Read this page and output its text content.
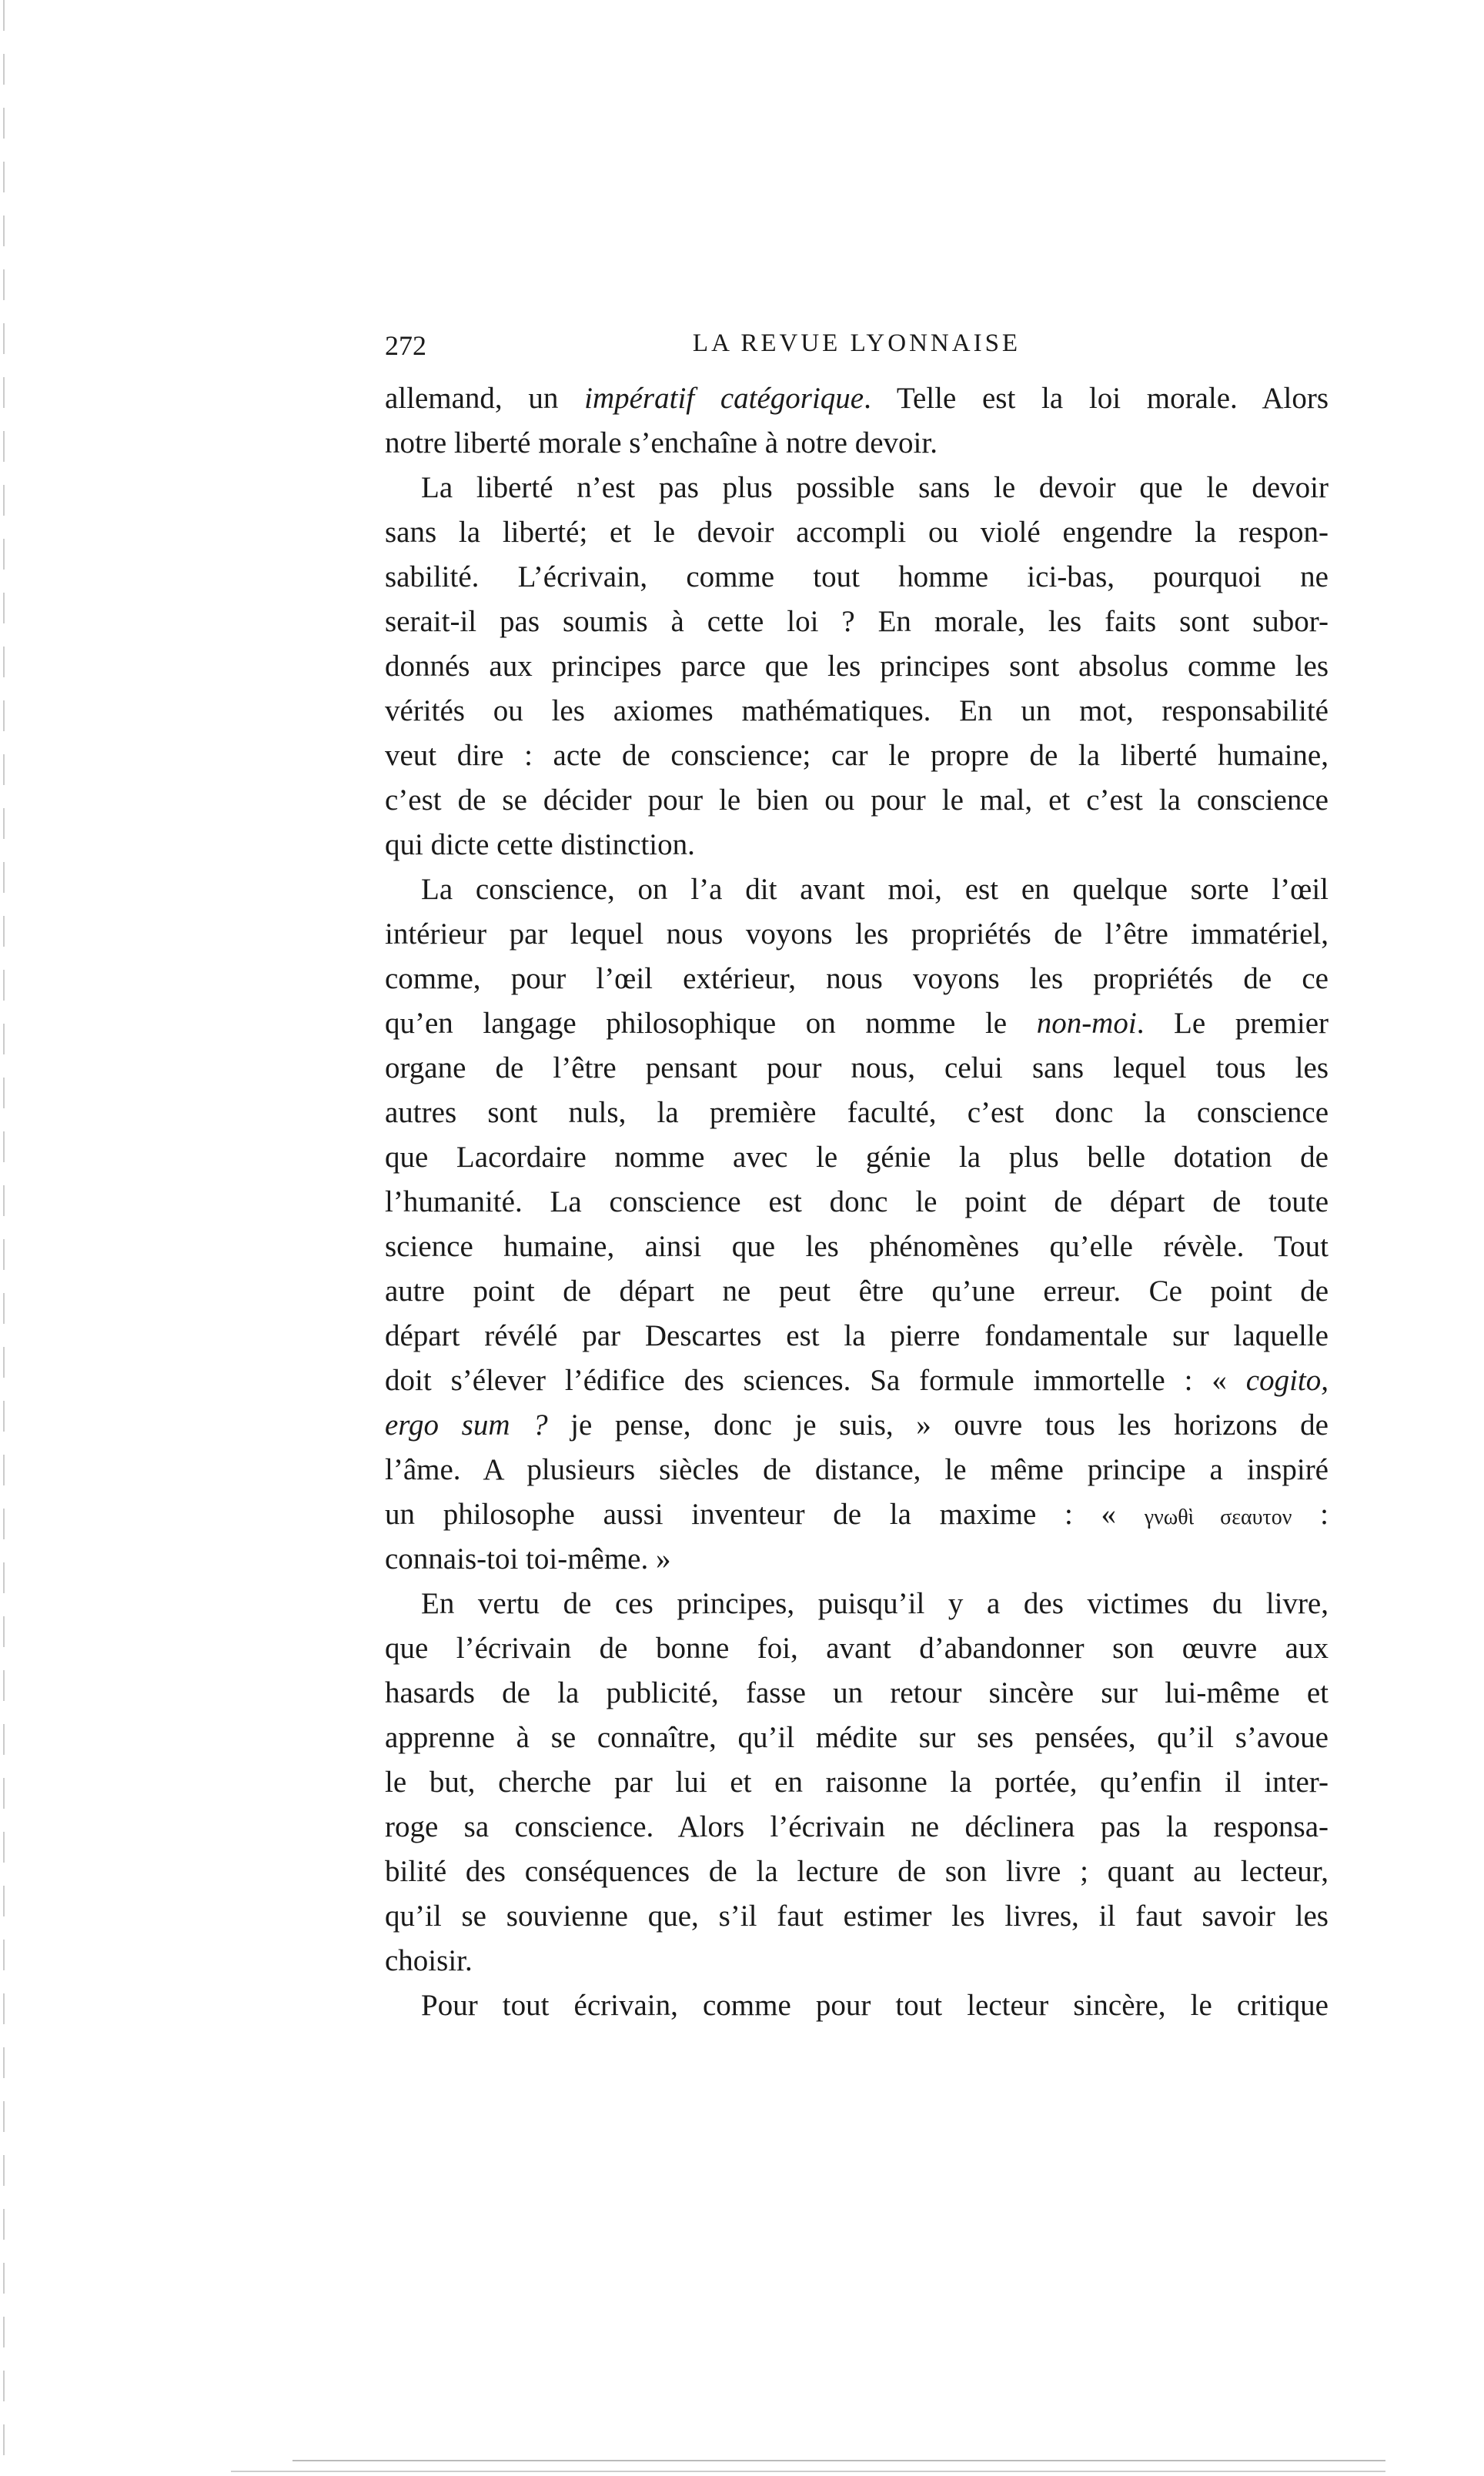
272	LA REVUE LYONNAISE
allemand, un impératif catégorique. Telle est la loi morale. Alors
notre liberté morale s’enchaîne à notre devoir.
La liberté n’est pas plus possible sans le devoir que le devoir
sans la liberté; et le devoir accompli ou violé engendre la respon-
sabilité. L’écrivain, comme tout homme ici-bas, pourquoi ne
serait-il pas soumis à cette loi ? En morale, les faits sont subor-
donnés aux principes parce que les principes sont absolus comme les
vérités ou les axiomes mathématiques. En un mot, responsabilité
veut dire : acte de conscience; car le propre de la liberté humaine,
c’est de se décider pour le bien ou pour le mal, et c’est la conscience
qui dicte cette distinction.
La conscience, on l’a dit avant moi, est en quelque sorte l’œil
intérieur par lequel nous voyons les propriétés de l’être immatériel,
comme, pour l’œil extérieur, nous voyons les propriétés de ce
qu’en langage philosophique on nomme le non-moi. Le premier
organe de l’être pensant pour nous, celui sans lequel tous les
autres sont nuls, la première faculté, c’est donc la conscience
que Lacordaire nomme avec le génie la plus belle dotation de
l’humanité. La conscience est donc le point de départ de toute
science humaine, ainsi que les phénomènes qu’elle révèle. Tout
autre point de départ ne peut être qu’une erreur. Ce point de
départ révélé par Descartes est la pierre fondamentale sur laquelle
doit s’élever l’édifice des sciences. Sa formule immortelle : « cogito,
ergo sum ? je pense, donc je suis, » ouvre tous les horizons de
l’âme. A plusieurs siècles de distance, le même principe a inspiré
un philosophe aussi inventeur de la maxime : « γνωθὶ σεαυτον :
connais-toi toi-même. »
En vertu de ces principes, puisqu’il y a des victimes du livre,
que l’écrivain de bonne foi, avant d’abandonner son œuvre aux
hasards de la publicité, fasse un retour sincère sur lui-même et
apprenne à se connaître, qu’il médite sur ses pensées, qu’il s’avoue
le but, cherche par lui et en raisonne la portée, qu’enfin il inter-
roge sa conscience. Alors l’écrivain ne déclinera pas la responsa-
bilité des conséquences de la lecture de son livre ; quant au lecteur,
qu’il se souvienne que, s’il faut estimer les livres, il faut savoir les
choisir.
Pour tout écrivain, comme pour tout lecteur sincère, le critique
